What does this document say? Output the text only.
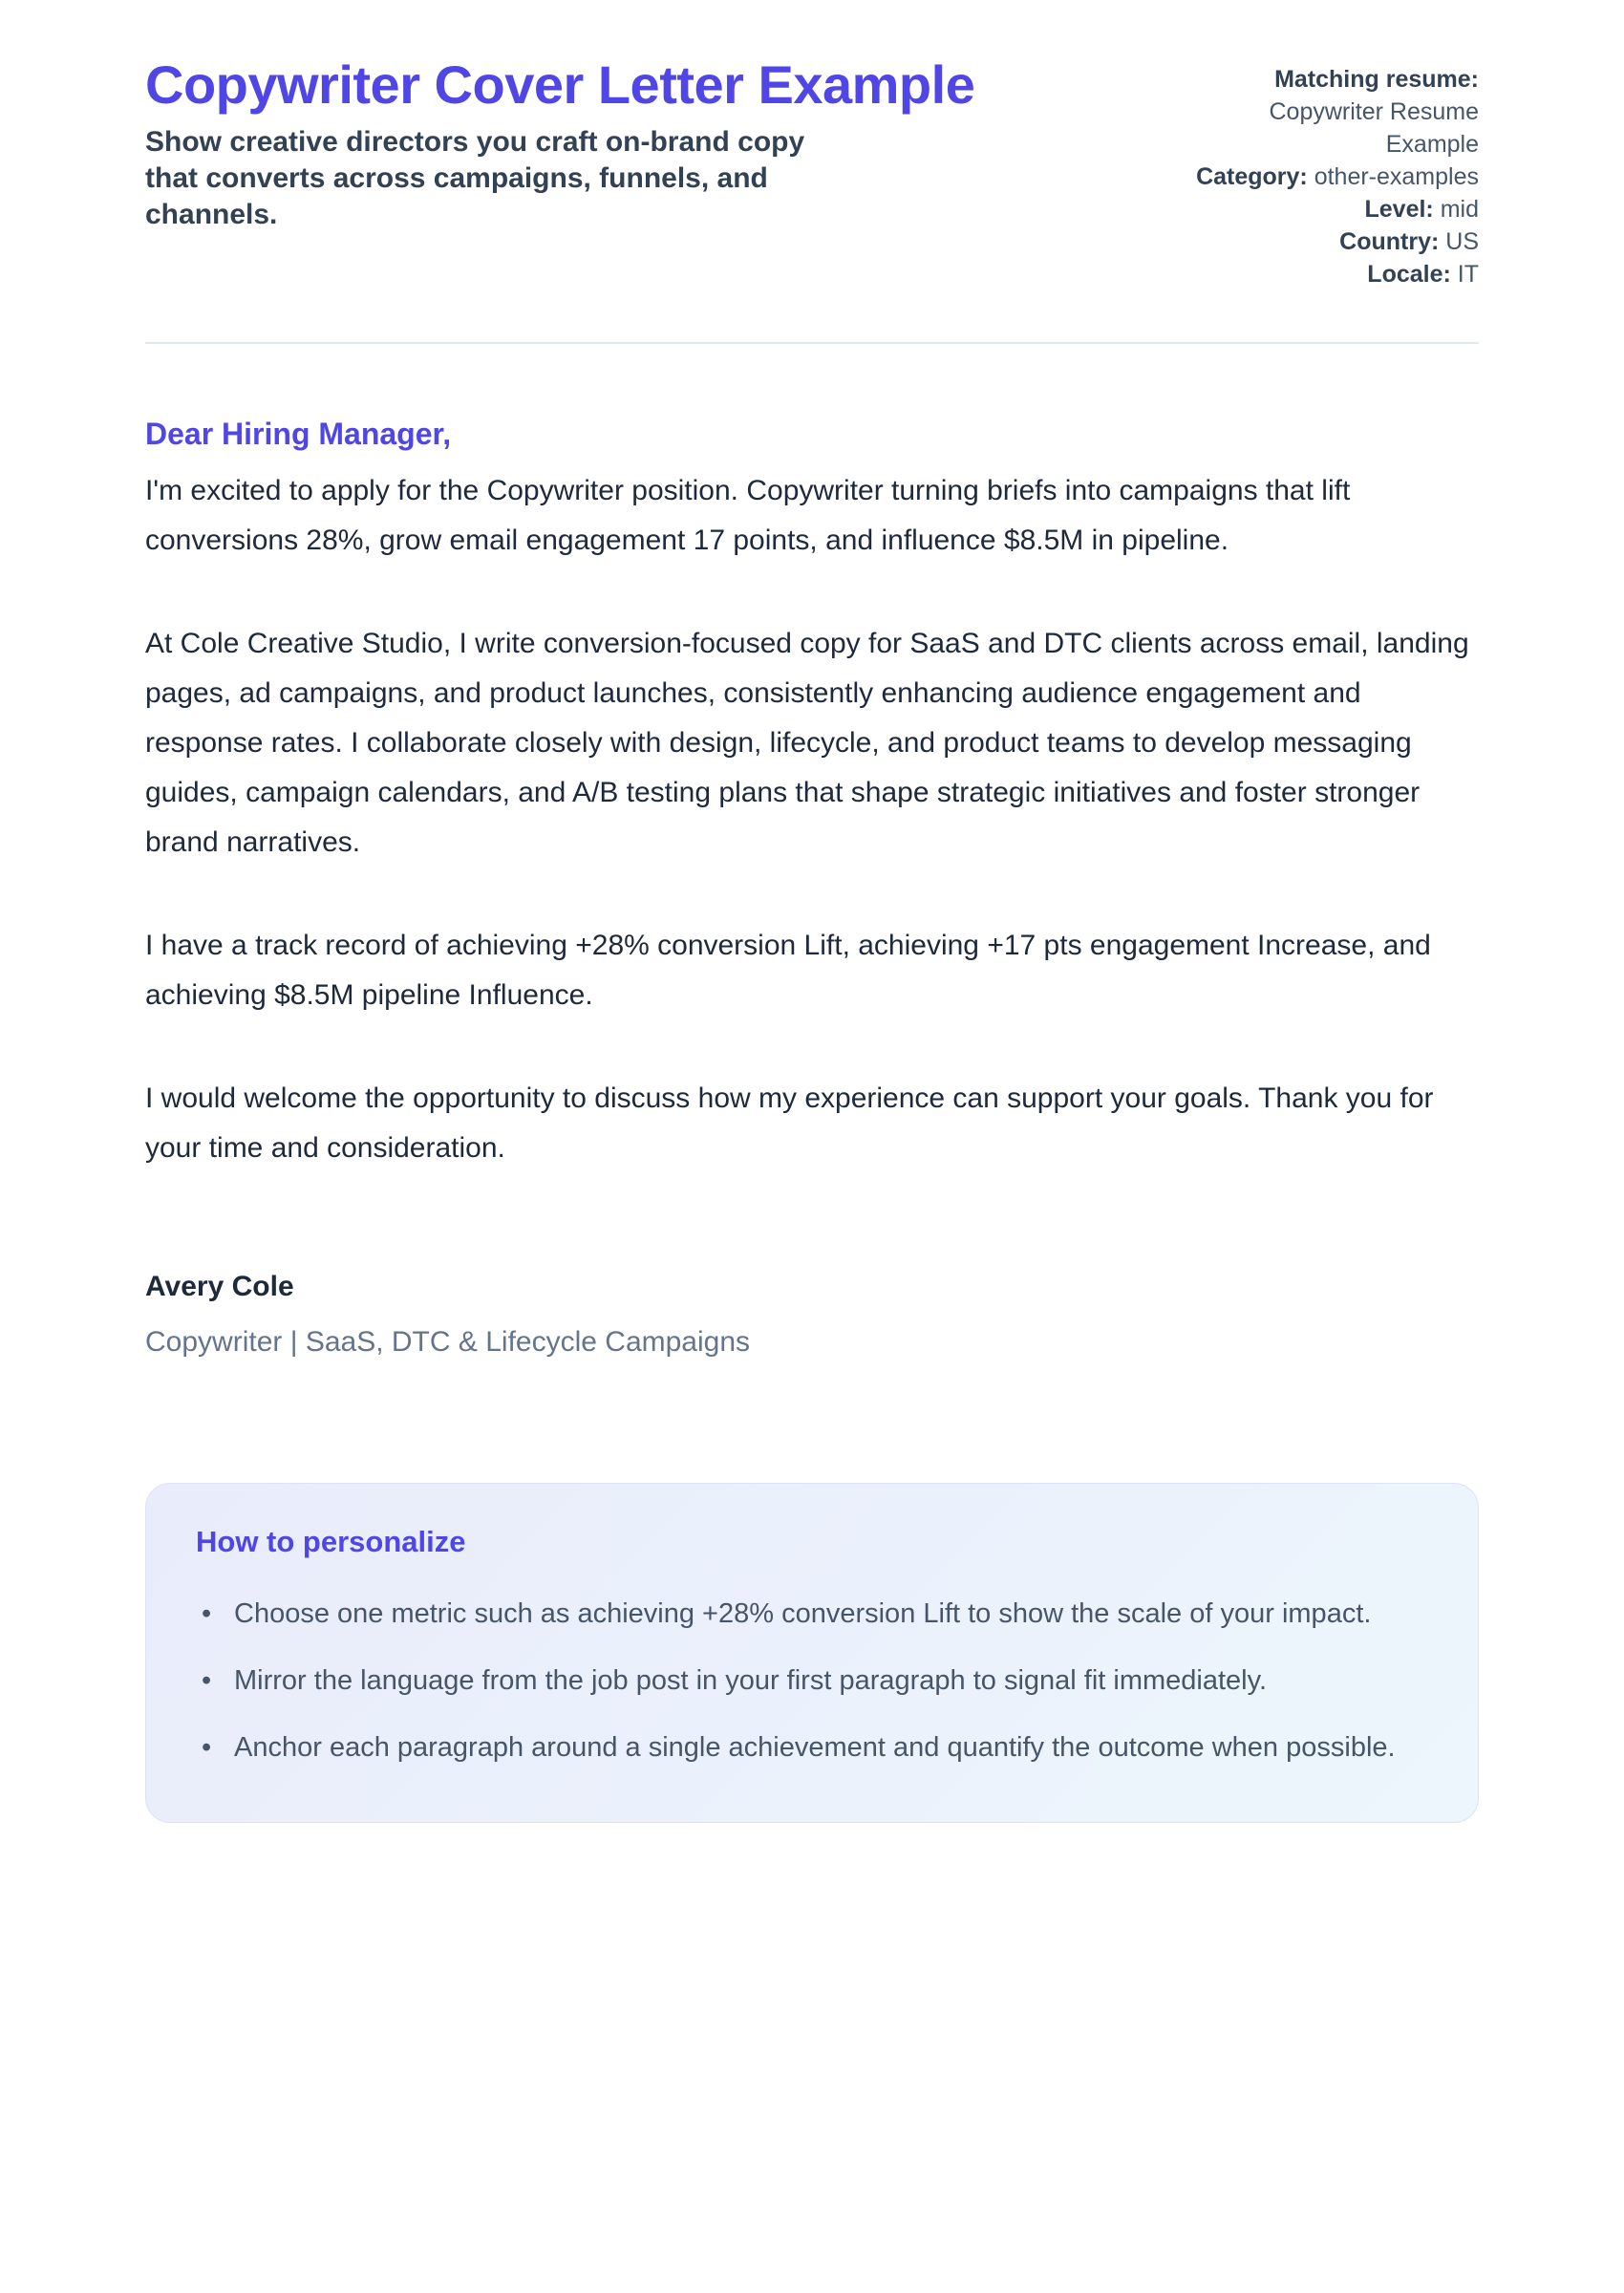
Copywriter Cover Letter Example

Show creative directors you craft on-brand copy that converts across campaigns, funnels, and channels.

Matching resume: Copywriter Resume Example
Category: other-examples
Level: mid
Country: US
Locale: IT
Dear Hiring Manager,

I'm excited to apply for the Copywriter position. Copywriter turning briefs into campaigns that lift conversions 28%, grow email engagement 17 points, and influence $8.5M in pipeline.

At Cole Creative Studio, I write conversion-focused copy for SaaS and DTC clients across email, landing pages, ad campaigns, and product launches, consistently enhancing audience engagement and response rates. I collaborate closely with design, lifecycle, and product teams to develop messaging guides, campaign calendars, and A/B testing plans that shape strategic initiatives and foster stronger brand narratives.

I have a track record of achieving +28% conversion Lift, achieving +17 pts engagement Increase, and achieving $8.5M pipeline Influence.

I would welcome the opportunity to discuss how my experience can support your goals. Thank you for your time and consideration.

Avery Cole

Copywriter | SaaS, DTC & Lifecycle Campaigns

How to personalize
• Choose one metric such as achieving +28% conversion Lift to show the scale of your impact.
• Mirror the language from the job post in your first paragraph to signal fit immediately.
• Anchor each paragraph around a single achievement and quantify the outcome when possible.
